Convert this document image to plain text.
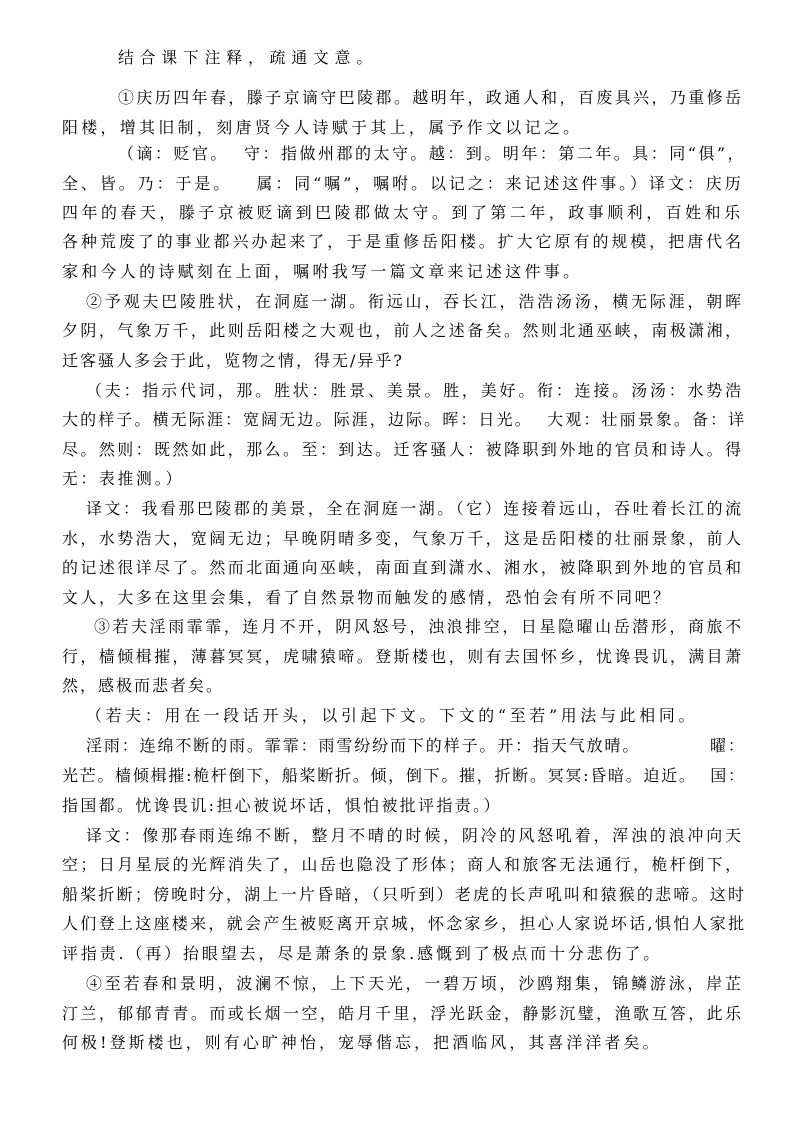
结合课下注释，疏通文意。
①庆历四年春，滕子京谪守巴陵郡。越明年，政通人和，百废具兴，乃重修岳
阳楼，增其旧制，刻唐贤今人诗赋于其上，属予作文以记之。
（谪：贬官。  守：指做州郡的太守。越：到。明年：第二年。具：同“俱”，
全、皆。乃：于是。   属：同“嘱”，嘱咐。以记之：来记述这件事。）译文：庆历
四年的春天，滕子京被贬谪到巴陵郡做太守。到了第二年，政事顺利，百姓和乐
各种荒废了的事业都兴办起来了，于是重修岳阳楼。扩大它原有的规模，把唐代名
家和今人的诗赋刻在上面，嘱咐我写一篇文章来记述这件事。
②予观夫巴陵胜状，在洞庭一湖。衔远山，吞长江，浩浩汤汤，横无际涯，朝晖
夕阴，气象万千，此则岳阳楼之大观也，前人之述备矣。然则北通巫峡，南极潇湘，
迁客骚人多会于此，览物之情，得无/异乎?
（夫：指示代词，那。胜状：胜景、美景。胜，美好。衔：连接。汤汤：水势浩
大的样子。横无际涯：宽阔无边。际涯，边际。晖：日光。  大观：壮丽景象。备：详
尽。然则：既然如此，那么。至：到达。迁客骚人：被降职到外地的官员和诗人。得
无：表推测。）
译文：我看那巴陵郡的美景，全在洞庭一湖。（它）连接着远山，吞吐着长江的流
水，水势浩大，宽阔无边；早晚阴晴多变，气象万千，这是岳阳楼的壮丽景象，前人
的记述很详尽了。然而北面通向巫峡，南面直到潇水、湘水，被降职到外地的官员和
文人，大多在这里会集，看了自然景物而触发的感情，恐怕会有所不同吧？
③若夫淫雨霏霏，连月不开，阴风怒号，浊浪排空，日星隐曜山岳潜形，商旅不
行，樯倾楫摧，薄暮冥冥，虎啸猿啼。登斯楼也，则有去国怀乡，忧谗畏讥，满目萧
然，感极而悲者矣。
（若夫：用在一段话开头，以引起下文。下文的“至若”用法与此相同。
淫雨：连绵不断的雨。霏霏：雨雪纷纷而下的样子。开：指天气放晴。          曜：
光芒。樯倾楫摧:桅杆倒下，船桨断折。倾，倒下。摧，折断。冥冥:昏暗。迫近。  国：
指国都。忧谗畏讥:担心被说坏话，惧怕被批评指责。）
译文：像那春雨连绵不断，整月不晴的时候，阴冷的风怒吼着，浑浊的浪冲向天
空；日月星辰的光辉消失了，山岳也隐没了形体；商人和旅客无法通行，桅杆倒下，
船桨折断；傍晚时分，湖上一片昏暗，（只听到）老虎的长声吼叫和猿猴的悲啼。这时
人们登上这座楼来，就会产生被贬离开京城，怀念家乡，担心人家说坏话,惧怕人家批
评指责.（再）抬眼望去，尽是萧条的景象.感慨到了极点而十分悲伤了。
④至若春和景明，波澜不惊，上下天光，一碧万顷，沙鸥翔集，锦鳞游泳，岸芷
汀兰，郁郁青青。而或长烟一空，皓月千里，浮光跃金，静影沉璧，渔歌互答，此乐
何极!登斯楼也，则有心旷神怡，宠辱偕忘，把酒临风，其喜洋洋者矣。
